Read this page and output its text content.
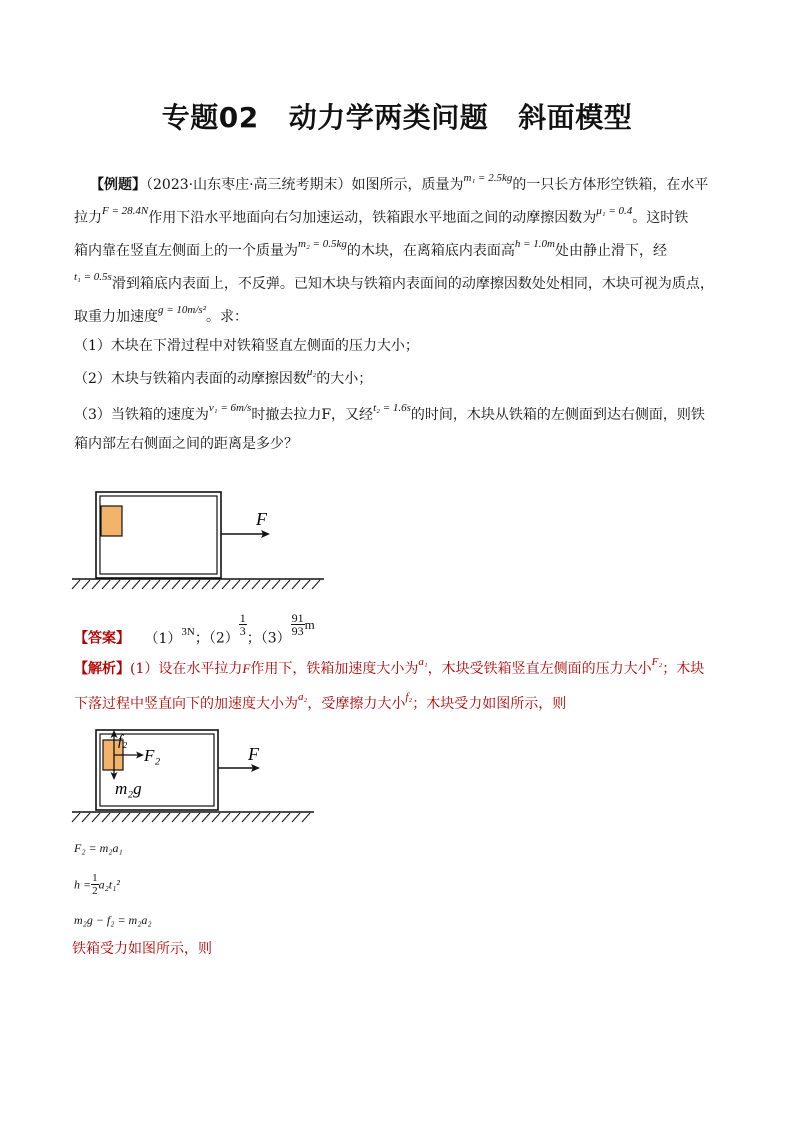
专题02 动力学两类问题 斜面模型
【例题】（2023·山东枣庄·高三统考期末）如图所示，质量为$^{m_1 = 2.5kg}$的一只长方体形空铁箱，在水平
拉力$^{F = 28.4N}$作用下沿水平地面向右匀加速运动，铁箱跟水平地面之间的动摩擦因数为$^{\mu_1 = 0.4}$。这时铁
箱内靠在竖直左侧面上的一个质量为$^{m_2 = 0.5kg}$的木块，在离箱底内表面高$^{h = 1.0m}$处由静止滑下，经
$^{t_1 = 0.5s}$滑到箱底内表面上，不反弹。已知木块与铁箱内表面间的动摩擦因数处处相同，木块可视为质点，
取重力加速度$^{g = 10m/s^2}$。求：
（1）木块在下滑过程中对铁箱竖直左侧面的压力大小；
（2）木块与铁箱内表面的动摩擦因数$^{\mu_2}$的大小；
（3）当铁箱的速度为$^{v_1 = 6m/s}$时撤去拉力F，又经$^{t_2 = 1.6s}$的时间，木块从铁箱的左侧面到达右侧面，则铁
箱内部左右侧面之间的距离是多少？
F
【答案】 $(1)^{3N}$；（2）
$\frac{1}{3}$
；（3）
$\frac{91}{93}$ m
【解析】(1）设在水平拉力F作用下，铁箱加速度大小为$^{a_1}$，木块受铁箱竖直左侧面的压力大小$^{F_2}$；木块
下落过程中竖直向下的加速度大小为$^{a_2}$，受摩擦力大小$^{f_2}$；木块受力如图所示，则
f₂
F₂
m₂g
F
F₂ = m₂a₁
$h = \frac{1}{2} a_2t_1^2$
m₂g − f₂ = m₂a₂
铁箱受力如图所示，则
